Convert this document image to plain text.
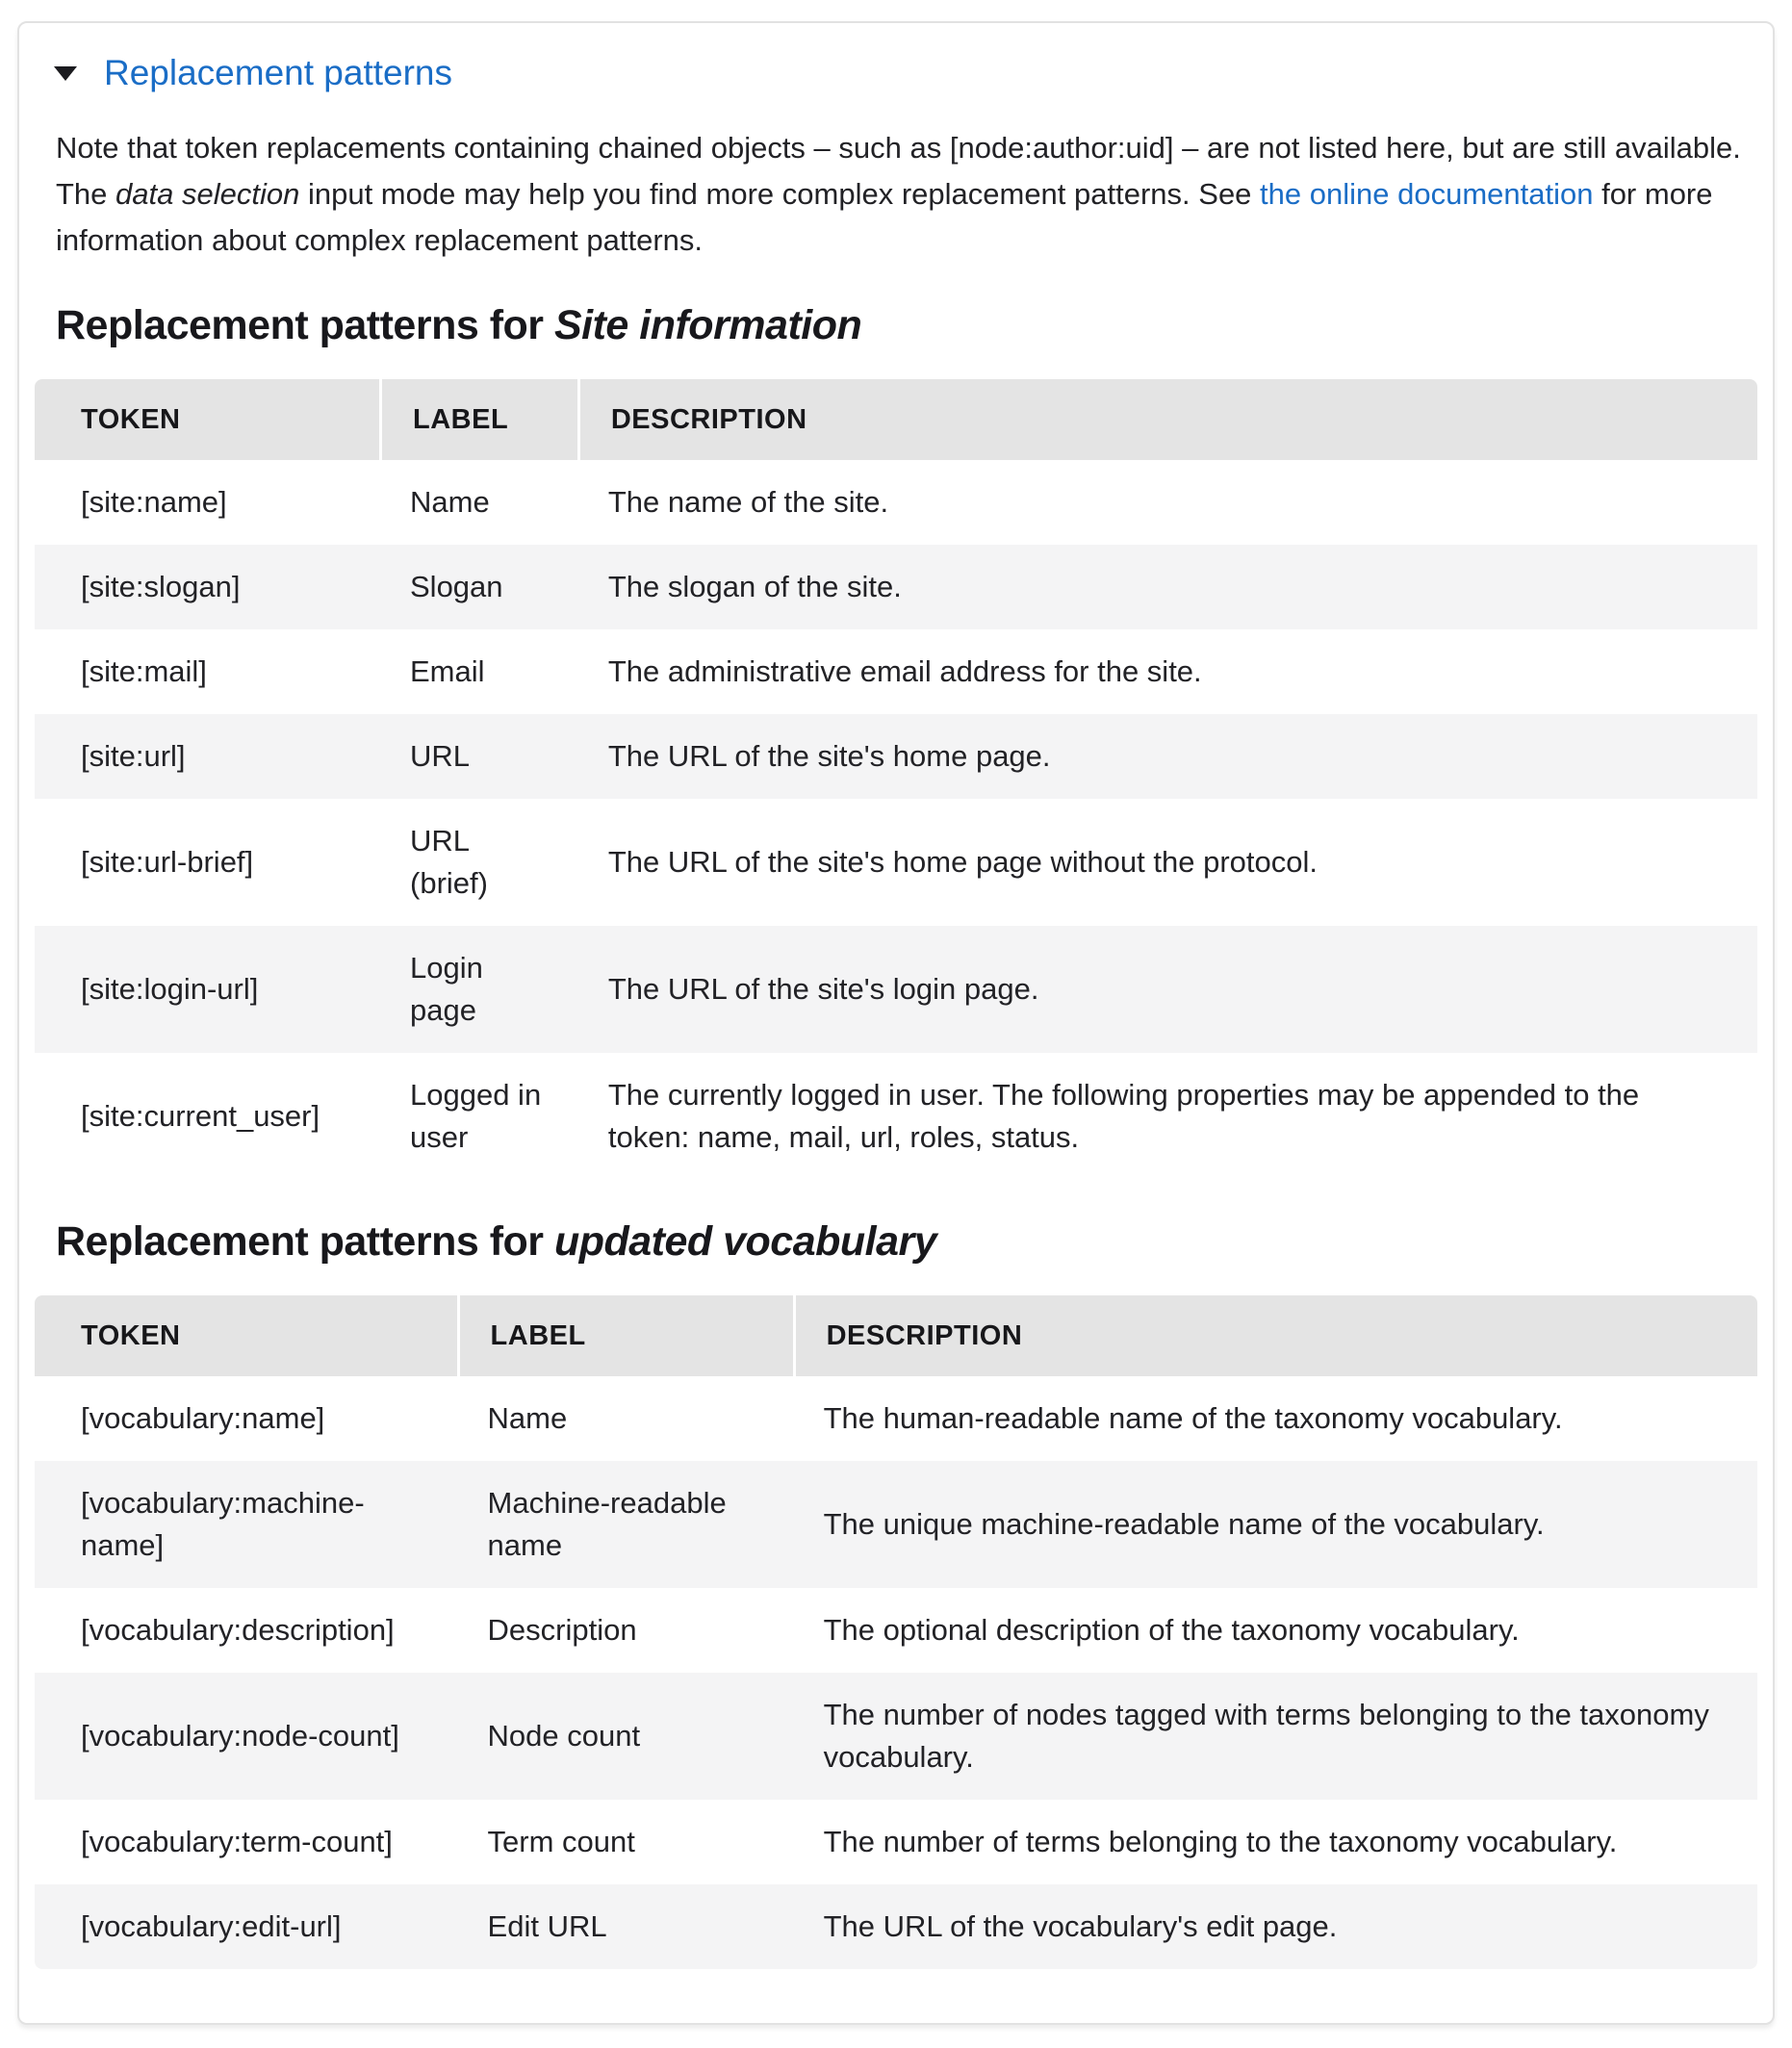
Replacement patterns

Note that token replacements containing chained objects – such as [node:author:uid] – are not listed here, but are still available. The data selection input mode may help you find more complex replacement patterns. See the online documentation for more information about complex replacement patterns.

Replacement patterns for Site information
TOKEN	LABEL	DESCRIPTION
[site:name]	Name	The name of the site.
[site:slogan]	Slogan	The slogan of the site.
[site:mail]	Email	The administrative email address for the site.
[site:url]	URL	The URL of the site's home page.
[site:url-brief]	URL (brief)	The URL of the site's home page without the protocol.
[site:login-url]	Login page	The URL of the site's login page.
[site:current_user]	Logged in user	The currently logged in user. The following properties may be appended to the token: name, mail, url, roles, status.
Replacement patterns for updated vocabulary
TOKEN	LABEL	DESCRIPTION
[vocabulary:name]	Name	The human-readable name of the taxonomy vocabulary.
[vocabulary:machine-name]	Machine-readable name	The unique machine-readable name of the vocabulary.
[vocabulary:description]	Description	The optional description of the taxonomy vocabulary.
[vocabulary:node-count]	Node count	The number of nodes tagged with terms belonging to the taxonomy vocabulary.
[vocabulary:term-count]	Term count	The number of terms belonging to the taxonomy vocabulary.
[vocabulary:edit-url]	Edit URL	The URL of the vocabulary's edit page.
